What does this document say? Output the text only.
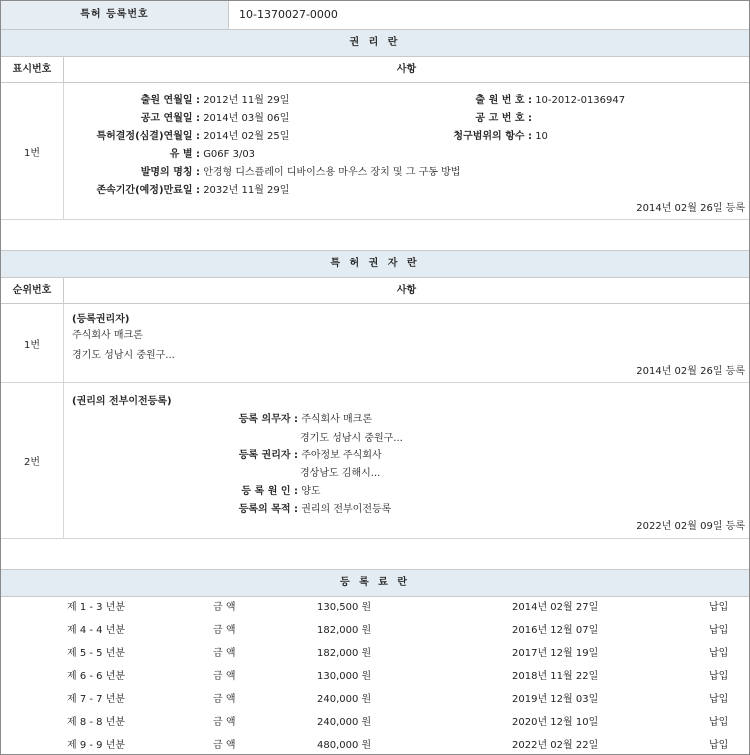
특허 등록번호	10-1370027-0000
권 리 란
표시번호	사항
1번
출원 연월일 : 2012년 11월 29일	출 원 번 호 : 10-2012-0136947
공고 연월일 : 2014년 03월 06일	공 고 번 호 :
특허결정(심결)연월일 : 2014년 02월 25일	청구범위의 항수 : 10
유 별 : G06F 3/03
발명의 명칭 : 안경형 디스플레이 디바이스용 마우스 장치 및 그 구동 방법
존속기간(예정)만료일 : 2032년 11월 29일
2014년 02월 26일 등록
특 허 권 자 란
순위번호	사항
1번
(등록권리자)
주식회사 매크론
경기도 성남시 중원구...
2014년 02월 26일 등록
2번
(권리의 전부이전등록)
등록 의무자 : 주식회사 매크론
경기도 성남시 중원구...
등록 권리자 : 주아정보 주식회사
경상남도 김해시...
등 록 원 인 : 양도
등록의 목적 : 권리의 전부이전등록
2022년 02월 09일 등록
등 록 료 란
제 1 - 3 년분	금 액	130,500 원	2014년 02월 27일	납입
제 4 - 4 년분	금 액	182,000 원	2016년 12월 07일	납입
제 5 - 5 년분	금 액	182,000 원	2017년 12월 19일	납입
제 6 - 6 년분	금 액	130,000 원	2018년 11월 22일	납입
제 7 - 7 년분	금 액	240,000 원	2019년 12월 03일	납입
제 8 - 8 년분	금 액	240,000 원	2020년 12월 10일	납입
제 9 - 9 년분	금 액	480,000 원	2022년 02월 22일	납입
